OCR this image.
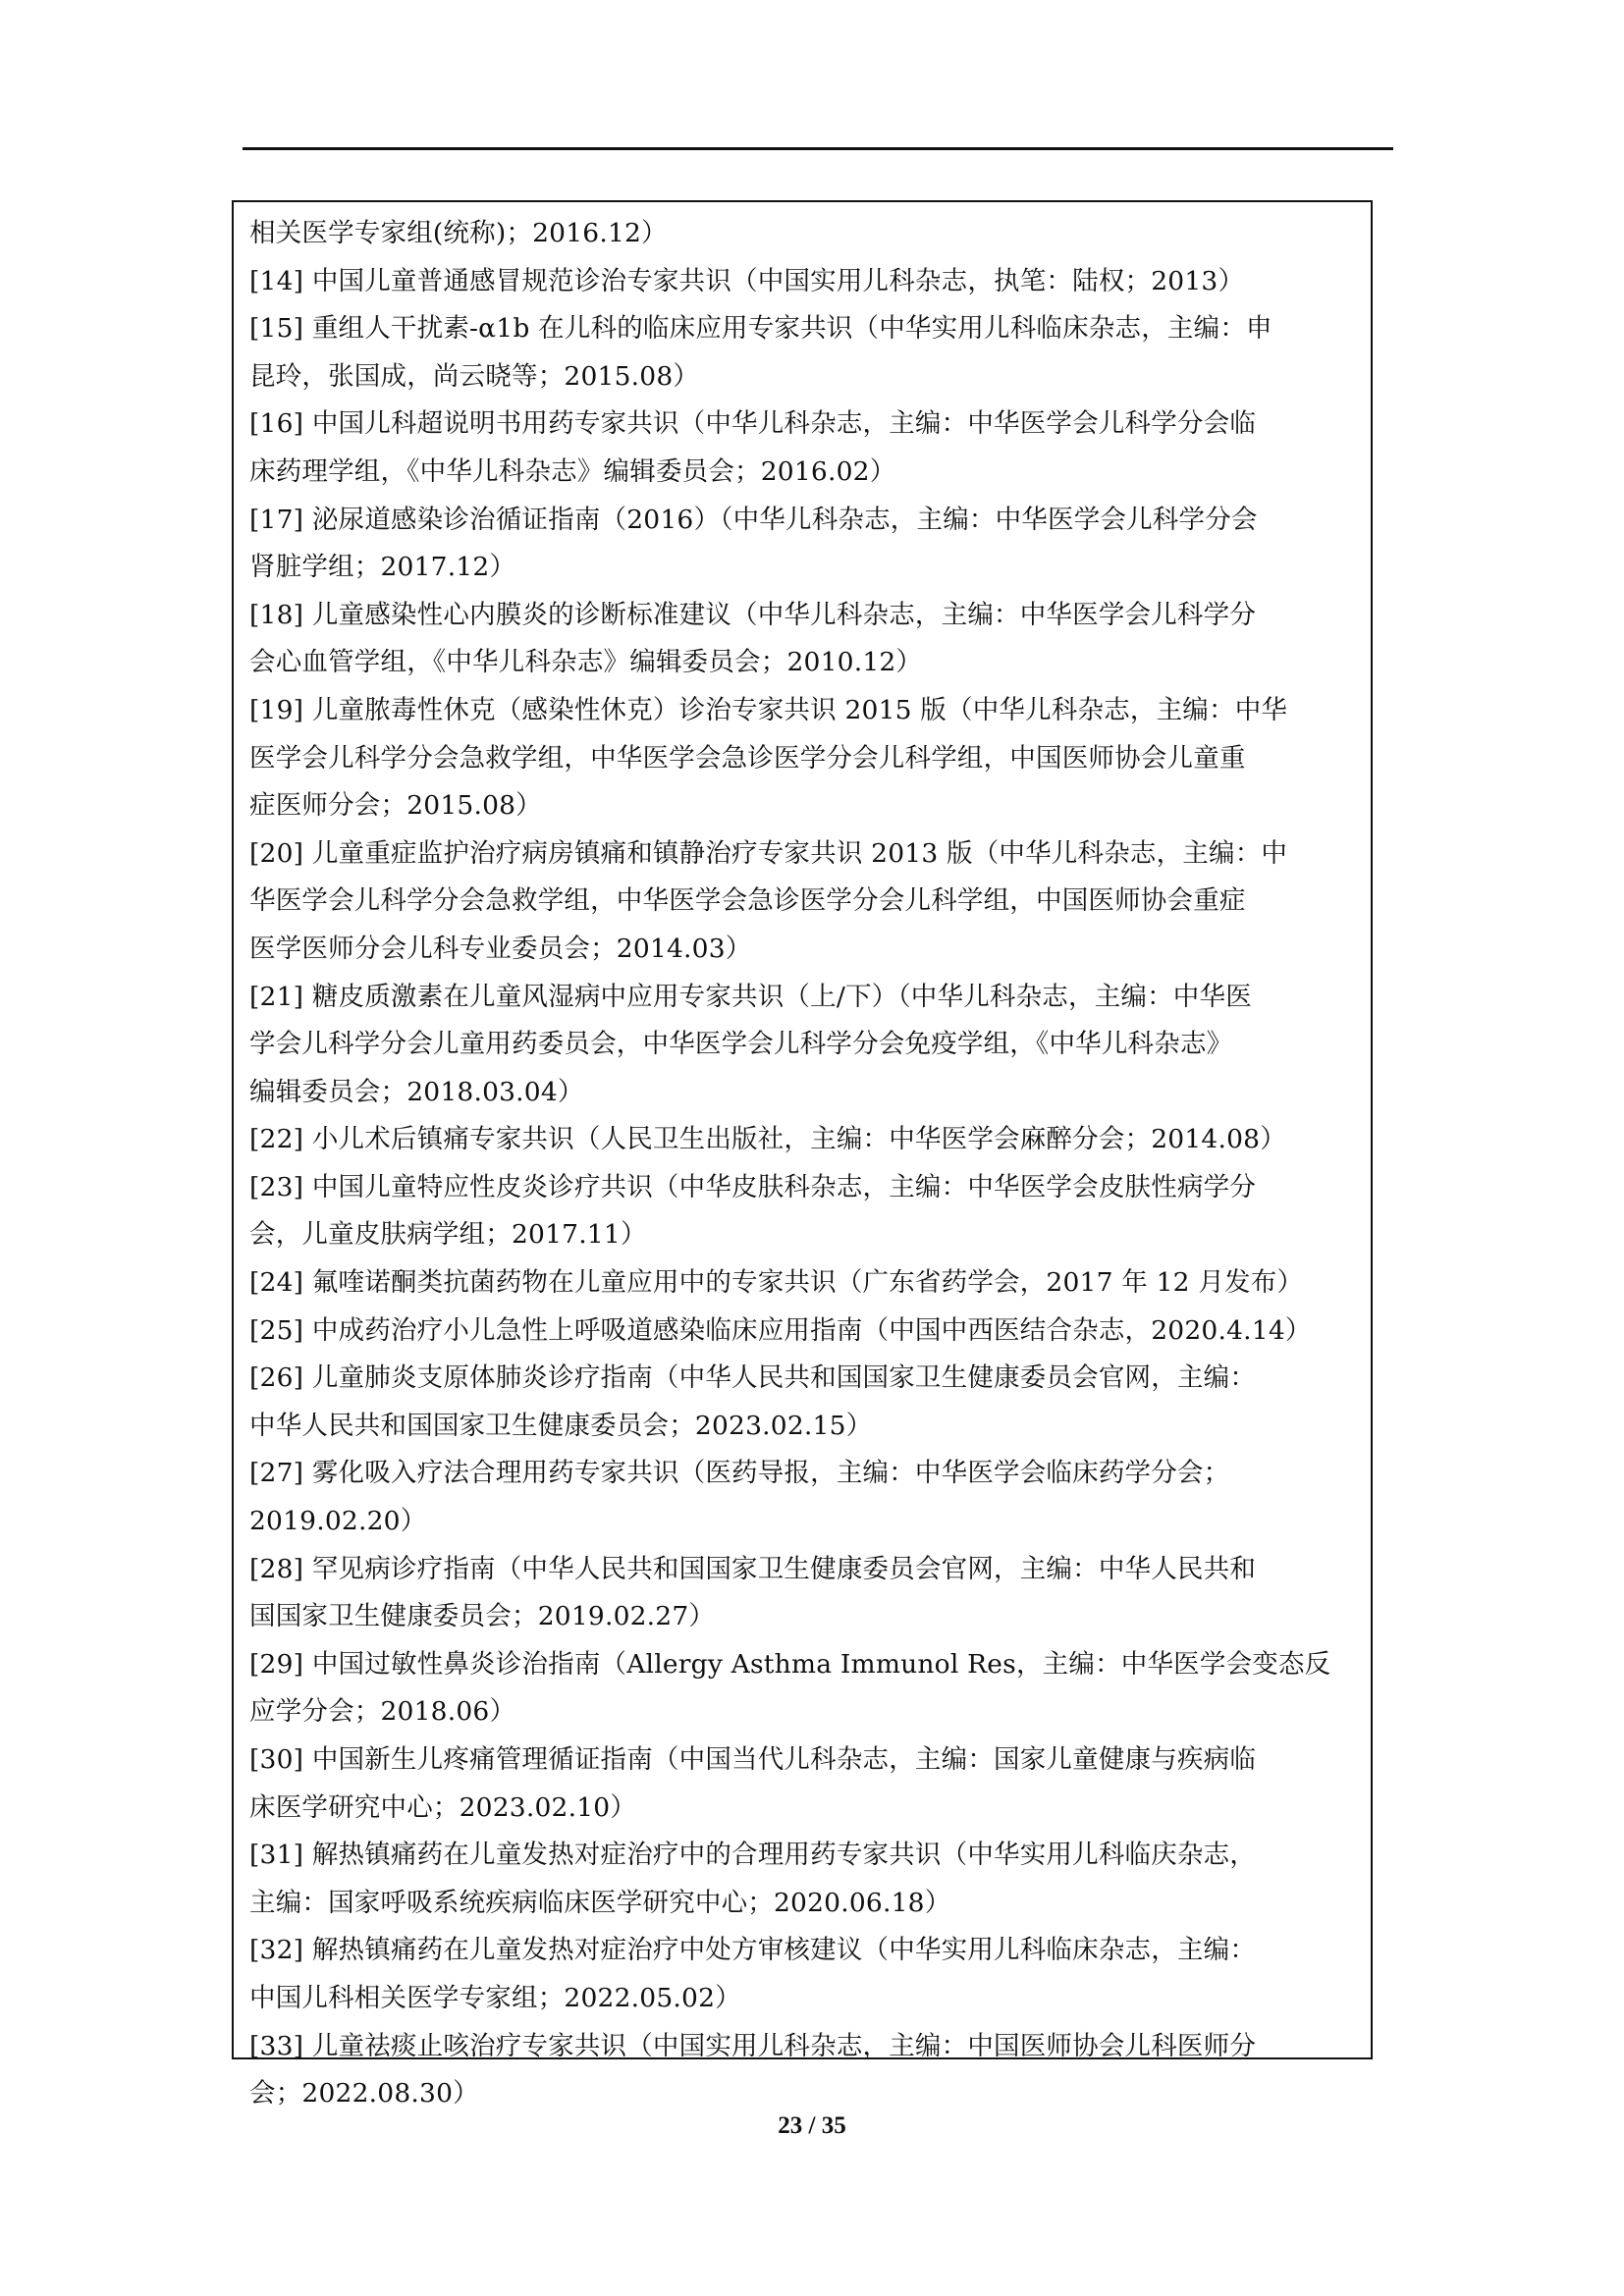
相关医学专家组(统称)；2016.12）
[14] 中国儿童普通感冒规范诊治专家共识（中国实用儿科杂志，执笔：陆权；2013）
[15] 重组人干扰素-α1b 在儿科的临床应用专家共识（中华实用儿科临床杂志，主编：申
昆玲，张国成，尚云晓等；2015.08）
[16] 中国儿科超说明书用药专家共识（中华儿科杂志，主编：中华医学会儿科学分会临
床药理学组，《中华儿科杂志》编辑委员会；2016.02）
[17] 泌尿道感染诊治循证指南（2016）（中华儿科杂志，主编：中华医学会儿科学分会
肾脏学组；2017.12）
[18] 儿童感染性心内膜炎的诊断标准建议（中华儿科杂志，主编：中华医学会儿科学分
会心血管学组，《中华儿科杂志》编辑委员会；2010.12）
[19] 儿童脓毒性休克（感染性休克）诊治专家共识 2015 版（中华儿科杂志，主编：中华
医学会儿科学分会急救学组，中华医学会急诊医学分会儿科学组，中国医师协会儿童重
症医师分会；2015.08）
[20] 儿童重症监护治疗病房镇痛和镇静治疗专家共识 2013 版（中华儿科杂志，主编：中
华医学会儿科学分会急救学组，中华医学会急诊医学分会儿科学组，中国医师协会重症
医学医师分会儿科专业委员会；2014.03）
[21] 糖皮质激素在儿童风湿病中应用专家共识（上/下）（中华儿科杂志，主编：中华医
学会儿科学分会儿童用药委员会，中华医学会儿科学分会免疫学组，《中华儿科杂志》
编辑委员会；2018.03.04）
[22] 小儿术后镇痛专家共识（人民卫生出版社，主编：中华医学会麻醉分会；2014.08）
[23] 中国儿童特应性皮炎诊疗共识（中华皮肤科杂志，主编：中华医学会皮肤性病学分
会，儿童皮肤病学组；2017.11）
[24] 氟喹诺酮类抗菌药物在儿童应用中的专家共识（广东省药学会，2017 年 12 月发布）
[25] 中成药治疗小儿急性上呼吸道感染临床应用指南（中国中西医结合杂志，2020.4.14）
[26] 儿童肺炎支原体肺炎诊疗指南（中华人民共和国国家卫生健康委员会官网，主编：
中华人民共和国国家卫生健康委员会；2023.02.15）
[27] 雾化吸入疗法合理用药专家共识（医药导报，主编：中华医学会临床药学分会；
2019.02.20）
[28] 罕见病诊疗指南（中华人民共和国国家卫生健康委员会官网，主编：中华人民共和
国国家卫生健康委员会；2019.02.27）
[29] 中国过敏性鼻炎诊治指南（Allergy Asthma Immunol Res，主编：中华医学会变态反
应学分会；2018.06）
[30] 中国新生儿疼痛管理循证指南（中国当代儿科杂志，主编：国家儿童健康与疾病临
床医学研究中心；2023.02.10）
[31] 解热镇痛药在儿童发热对症治疗中的合理用药专家共识（中华实用儿科临庆杂志，
主编：国家呼吸系统疾病临床医学研究中心；2020.06.18）
[32] 解热镇痛药在儿童发热对症治疗中处方审核建议（中华实用儿科临床杂志，主编：
中国儿科相关医学专家组；2022.05.02）
[33] 儿童祛痰止咳治疗专家共识（中国实用儿科杂志，主编：中国医师协会儿科医师分
会；2022.08.30）
23 / 35
